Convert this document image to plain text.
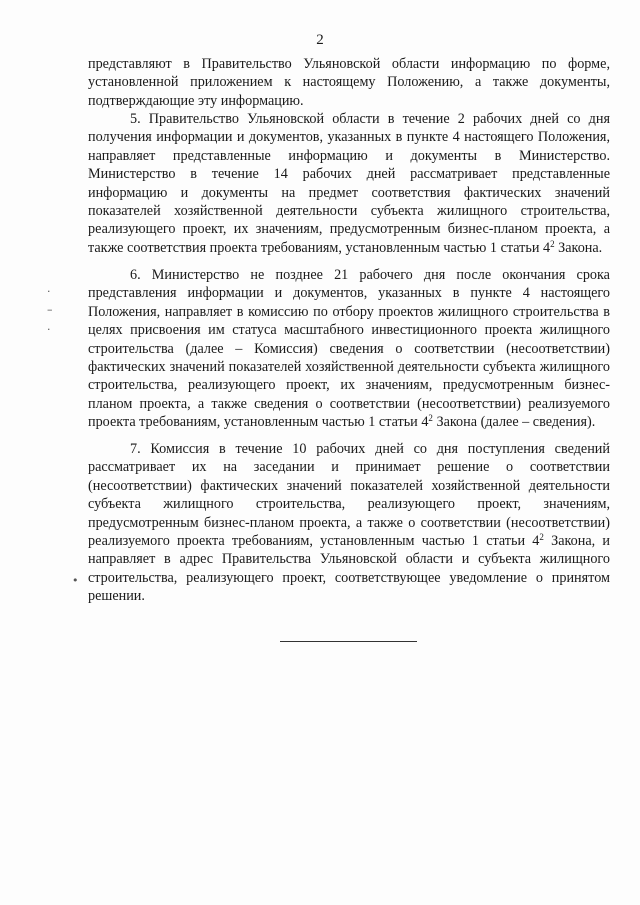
2
представляют в Правительство Ульяновской области информацию по форме, установленной приложением к настоящему Положению, а также документы, подтверждающие эту информацию.
5. Правительство Ульяновской области в течение 2 рабочих дней со дня получения информации и документов, указанных в пункте 4 настоящего Положения, направляет представленные информацию и документы в Министерство. Министерство в течение 14 рабочих дней рассматривает представленные информацию и документы на предмет соответствия фактических значений показателей хозяйственной деятельности субъекта жилищного строительства, реализующего проект, их значениям, предусмотренным бизнес-планом проекта, а также соответствия проекта требованиям, установленным частью 1 статьи $4^2$ Закона.
6. Министерство не позднее 21 рабочего дня после окончания срока представления информации и документов, указанных в пункте 4 настоящего Положения, направляет в комиссию по отбору проектов жилищного строительства в целях присвоения им статуса масштабного инвестиционного проекта жилищного строительства (далее – Комиссия) сведения о соответствии (несоответствии) фактических значений показателей хозяйственной деятельности субъекта жилищного строительства, реализующего проект, их значениям, предусмотренным бизнес-планом проекта, а также сведения о соответствии (несоответствии) реализуемого проекта требованиям, установленным частью 1 статьи $4^2$ Закона (далее – сведения).
7. Комиссия в течение 10 рабочих дней со дня поступления сведений рассматривает их на заседании и принимает решение о соответствии (несоответствии) фактических значений показателей хозяйственной деятельности субъекта жилищного строительства, реализующего проект, значениям, предусмотренным бизнес-планом проекта, а также о соответствии (несоответствии) реализуемого проекта требованиям, установленным частью 1 статьи $4^2$ Закона, и направляет в адрес Правительства Ульяновской области и субъекта жилищного строительства, реализующего проект, соответствующее уведомление о принятом решении.
·
–
·
•
